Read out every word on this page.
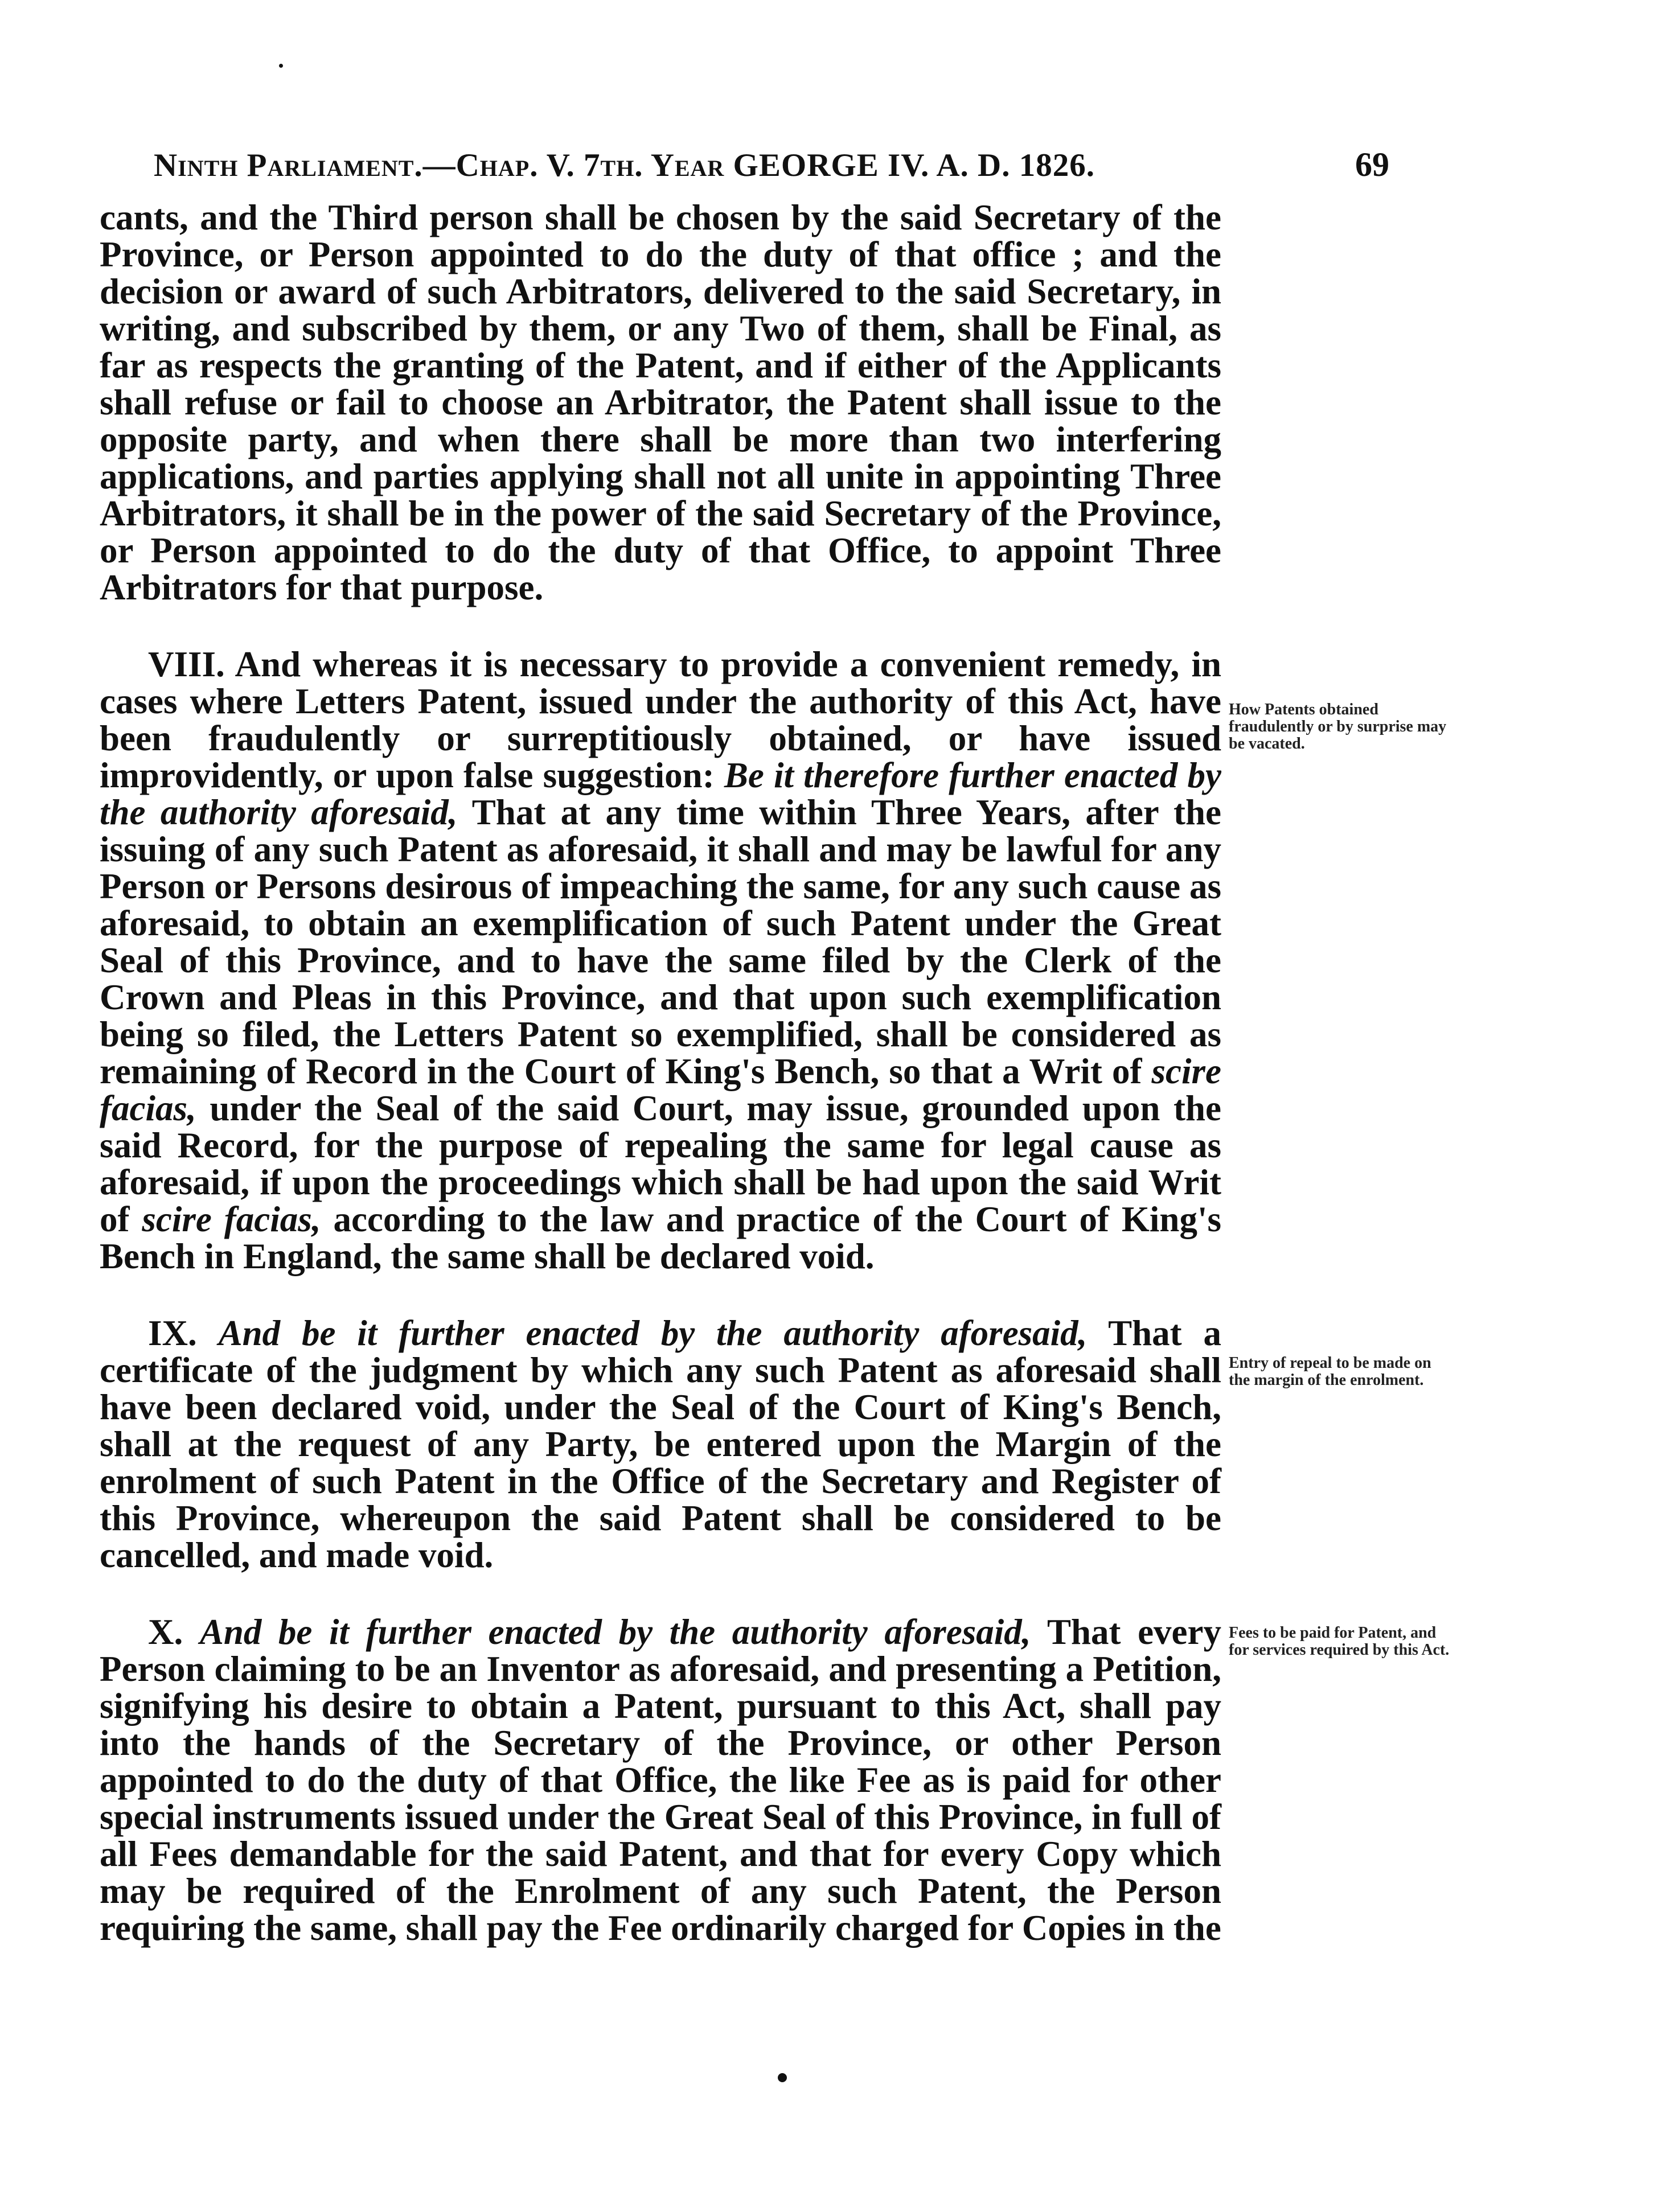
Ninth Parliament.—Chap. V. 7th. Year GEORGE IV. A. D. 1826.	69

cants, and the Third person shall be chosen by the said Secretary of the Province, or Person appointed to do the duty of that office ; and the decision or award of such Arbitrators, delivered to the said Secretary, in writing, and subscribed by them, or any Two of them, shall be Final, as far as respects the granting of the Patent, and if either of the Applicants shall refuse or fail to choose an Arbitrator, the Patent shall issue to the opposite party, and when there shall be more than two interfering applications, and parties applying shall not all unite in appointing Three Arbitrators, it shall be in the power of the said Secretary of the Province, or Person appointed to do the duty of that Office, to appoint Three Arbitrators for that purpose.

VIII. And whereas it is necessary to provide a convenient remedy, in cases where Letters Patent, issued under the authority of this Act, have been fraudulently or surreptitiously obtained, or have issued improvidently, or upon false suggestion: Be it therefore further enacted by the authority aforesaid, That at any time within Three Years, after the issuing of any such Patent as aforesaid, it shall and may be lawful for any Person or Persons desirous of impeaching the same, for any such cause as aforesaid, to obtain an exemplification of such Patent under the Great Seal of this Province, and to have the same filed by the Clerk of the Crown and Pleas in this Province, and that upon such exemplification being so filed, the Letters Patent so exemplified, shall be considered as remaining of Record in the Court of King's Bench, so that a Writ of scire facias, under the Seal of the said Court, may issue, grounded upon the said Record, for the purpose of repealing the same for legal cause as aforesaid, if upon the proceedings which shall be had upon the said Writ of scire facias, according to the law and practice of the Court of King's Bench in England, the same shall be declared void.

IX. And be it further enacted by the authority aforesaid, That a certificate of the judgment by which any such Patent as aforesaid shall have been declared void, under the Seal of the Court of King's Bench, shall at the request of any Party, be entered upon the Margin of the enrolment of such Patent in the Office of the Secretary and Register of this Province, whereupon the said Patent shall be considered to be cancelled, and made void.

X. And be it further enacted by the authority aforesaid, That every Person claiming to be an Inventor as aforesaid, and presenting a Petition, signifying his desire to obtain a Patent, pursuant to this Act, shall pay into the hands of the Secretary of the Province, or other Person appointed to do the duty of that Office, the like Fee as is paid for other special instruments issued under the Great Seal of this Province, in full of all Fees demandable for the said Patent, and that for every Copy which may be required of the Enrolment of any such Patent, the Person requiring the same, shall pay the Fee ordinarily charged for Copies in the

How Patents obtained fraudulently or by surprise may be vacated.
Entry of repeal to be made on the margin of the enrolment.
Fees to be paid for Patent, and for services required by this Act.
